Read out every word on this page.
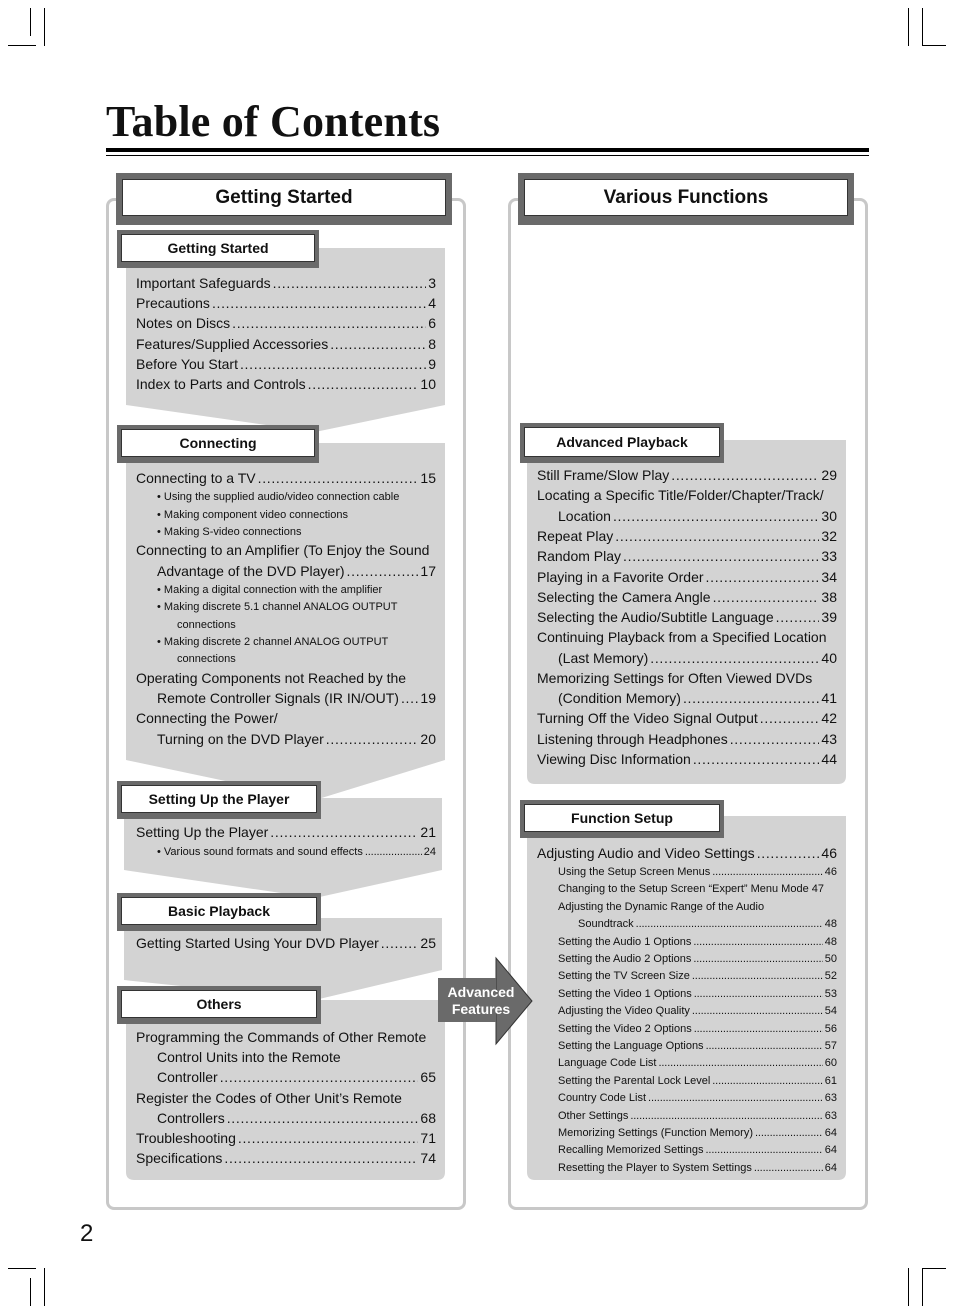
Table of Contents
Advanced
Features
Getting Started	Various Functions
Getting Started
Connecting
Setting Up the Player
Basic Playback
Others
Advanced Playback
Function Setup
Important Safeguards . . .	3
Precautions . . .	4
Notes on Discs . . .	6
Features/Supplied Accessories . . .	8
Before You Start . . .	9
Index to Parts and Controls . . .	10
Connecting to a TV . . .	15
• Using the supplied audio/video connection cable
• Making component video connections
• Making S-video connections
Connecting to an Amplifier (To Enjoy the Sound
Advantage of the DVD Player) . . .	17
• Making a digital connection with the amplifier
• Making discrete 5.1 channel ANALOG OUTPUT
connections
• Making discrete 2 channel ANALOG OUTPUT
connections
Operating Components not Reached by the
Remote Controller Signals (IR IN/OUT) . . . 19
Connecting the Power/
Turning on the DVD Player . . .	20
Setting Up the Player . . .	21
• Various sound formats and sound effects . . .	24
Getting Started Using Your DVD Player . . .	25
Programming the Commands of Other Remote
Control Units into the Remote
Controller . . .	65
Register the Codes of Other Unit’s Remote
Controllers . . .	68
Troubleshooting . . .	71
Specifications . . .	74
Still Frame/Slow Play . . .	29
Locating a Specific Title/Folder/Chapter/Track/
Location . . .	30
Repeat Play . . .	32
Random Play . . .	33
Playing in a Favorite Order . . .	34
Selecting the Camera Angle . . .	38
Selecting the Audio/Subtitle Language . . .	39
Continuing Playback from a Specified Location
(Last Memory) . . .	40
Memorizing Settings for Often Viewed DVDs
(Condition Memory) . . .	41
Turning Off the Video Signal Output . . .	42
Listening through Headphones . . .	43
Viewing Disc Information . . .	44
Adjusting Audio and Video Settings . . .	46
Using the Setup Screen Menus . . .	46
Changing to the Setup Screen “Expert” Menu Mode 47
Adjusting the Dynamic Range of the Audio
Soundtrack . . .	48
Setting the Audio 1 Options . . .	48
Setting the Audio 2 Options . . .	50
Setting the TV Screen Size . . .	52
Setting the Video 1 Options . . .	53
Adjusting the Video Quality . . .	54
Setting the Video 2 Options . . .	56
Setting the Language Options . . .	57
Language Code List . . .	60
Setting the Parental Lock Level . . .	61
Country Code List . . .	63
Other Settings . . .	63
Memorizing Settings (Function Memory) . . .	64
Recalling Memorized Settings . . .	64
Resetting the Player to System Settings . . .	64
2
